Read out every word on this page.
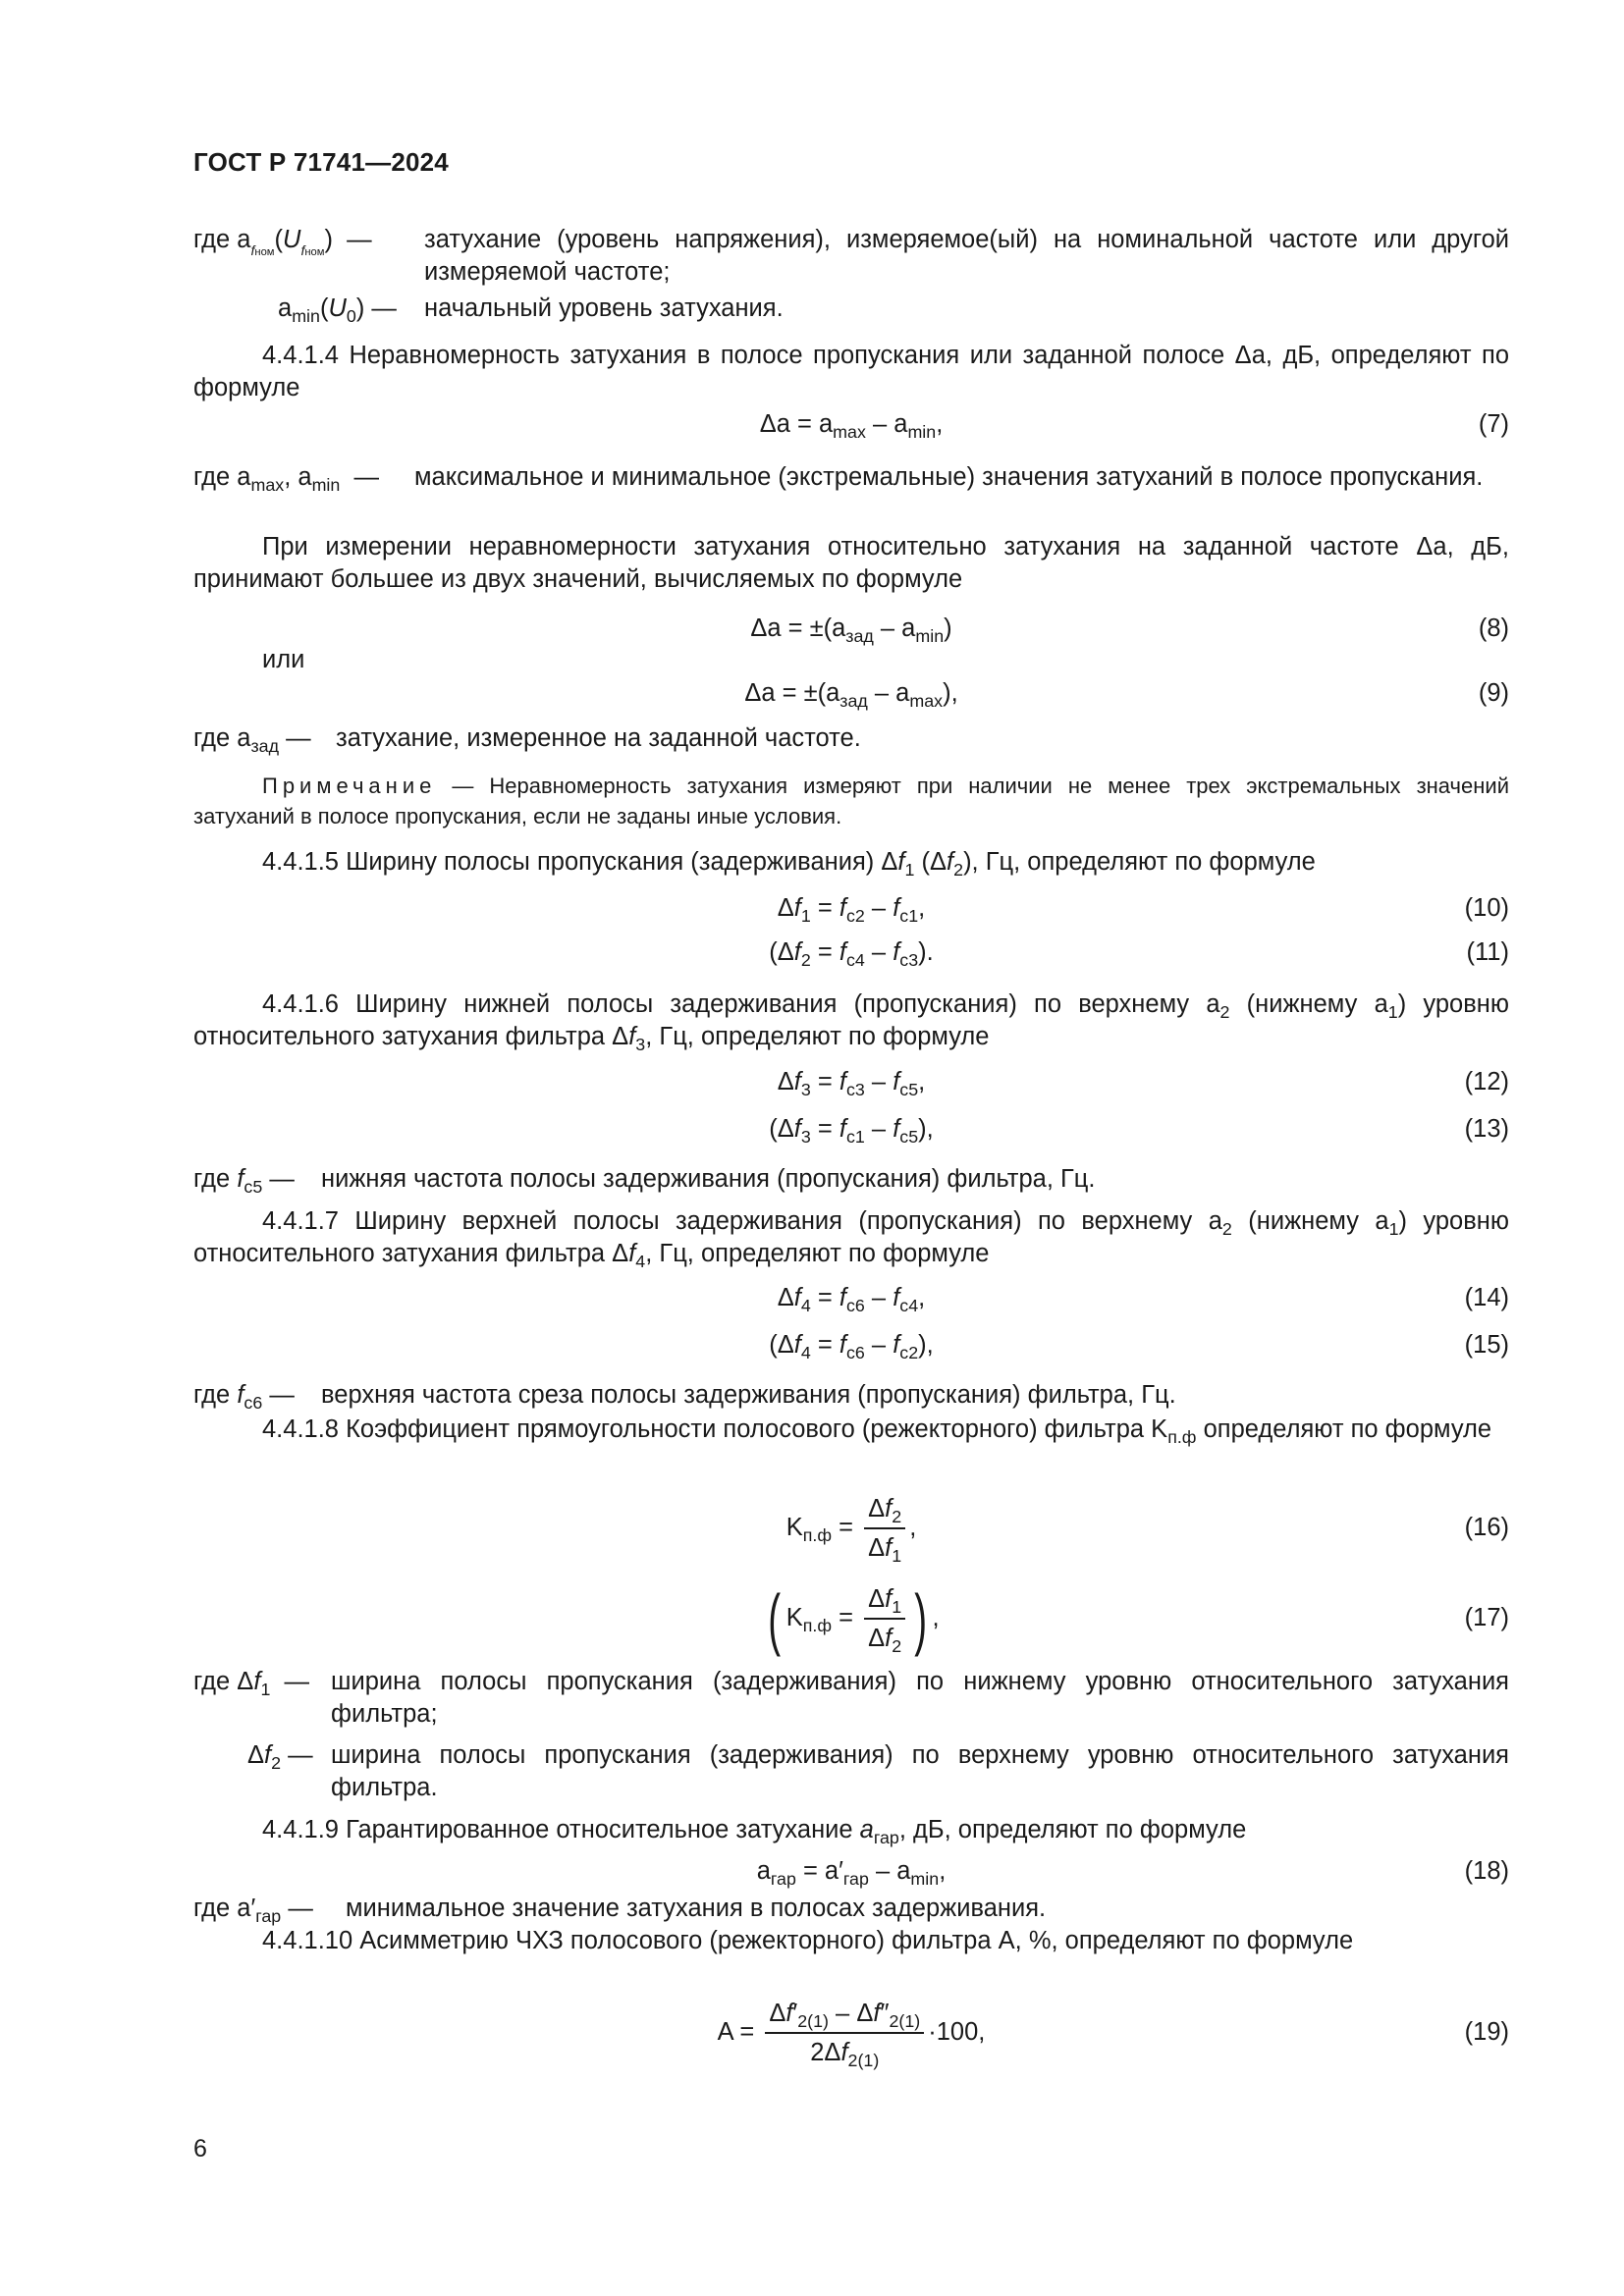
ГОСТ Р 71741—2024
где $a_{fном}(U_{fном})$  — затухание (уровень напряжения), измеряемое(ый) на номинальной частоте или другой измеряемой частоте;
$a_{min}(U_0)$ — начальный уровень затухания.
4.4.1.4 Неравномерность затухания в полосе пропускания или заданной полосе Δa, дБ, определяют по формуле
$\Delta a = a_{max} - a_{min}$,	(7)
где $a_{max}$, $a_{min}$  — максимальное и минимальное (экстремальные) значения затуханий в полосе пропускания.
При измерении неравномерности затухания относительно затухания на заданной частоте Δa, дБ, принимают большее из двух значений, вычисляемых по формуле
$\Delta a = \pm(a_{зад} - a_{min})$	(8)
или
$\Delta a = \pm(a_{зад} - a_{max})$,	(9)
где $a_{зад}$ — затухание, измеренное на заданной частоте.
Примечание — Неравномерность затухания измеряют при наличии не менее трех экстремальных значений затуханий в полосе пропускания, если не заданы иные условия.
4.4.1.5 Ширину полосы пропускания (задерживания) $\Delta f_1$ $(\Delta f_2)$, Гц, определяют по формуле
$\Delta f_1 = f_{c2} - f_{c1}$,	(10)
$(\Delta f_2 = f_{c4} - f_{c3})$.	(11)
4.4.1.6 Ширину нижней полосы задерживания (пропускания) по верхнему $a_2$ (нижнему $a_1$) уровню относительного затухания фильтра $\Delta f_3$, Гц, определяют по формуле
$\Delta f_3 = f_{c3} - f_{c5}$,	(12)
$(\Delta f_3 = f_{c1} - f_{c5})$,	(13)
где $f_{c5}$ — нижняя частота полосы задерживания (пропускания) фильтра, Гц.
4.4.1.7 Ширину верхней полосы задерживания (пропускания) по верхнему $a_2$ (нижнему $a_1$) уровню относительного затухания фильтра $\Delta f_4$, Гц, определяют по формуле
$\Delta f_4 = f_{c6} - f_{c4}$,	(14)
$(\Delta f_4 = f_{c6} - f_{c2})$,	(15)
где $f_{c6}$ — верхняя частота среза полосы задерживания (пропускания) фильтра, Гц.
4.4.1.8 Коэффициент прямоугольности полосового (режекторного) фильтра $K_{п.ф}$ определяют по формуле
$K_{п.ф} = \frac{\Delta f_2}{\Delta f_1}$ ,	(16)
( $K_{п.ф} = \frac{\Delta f_1}{\Delta f_2}$ ) ,	(17)
где $\Delta f_1$  — ширина полосы пропускания (задерживания) по нижнему уровню относительного затухания фильтра;
$\Delta f_2$ — ширина полосы пропускания (задерживания) по верхнему уровню относительного затухания фильтра.
4.4.1.9 Гарантированное относительное затухание $a_{гар}$, дБ, определяют по формуле
$a_{гар} = a'_{гар} - a_{min}$,	(18)
где $a'_{гар}$ — минимальное значение затухания в полосах задерживания.
4.4.1.10 Асимметрию ЧХЗ полосового (режекторного) фильтра A, %, определяют по формуле
$A = \frac{\Delta f'_{2(1)} - \Delta f''_{2(1)}}{2\Delta f_{2(1)}} \cdot 100$,	(19)
6
